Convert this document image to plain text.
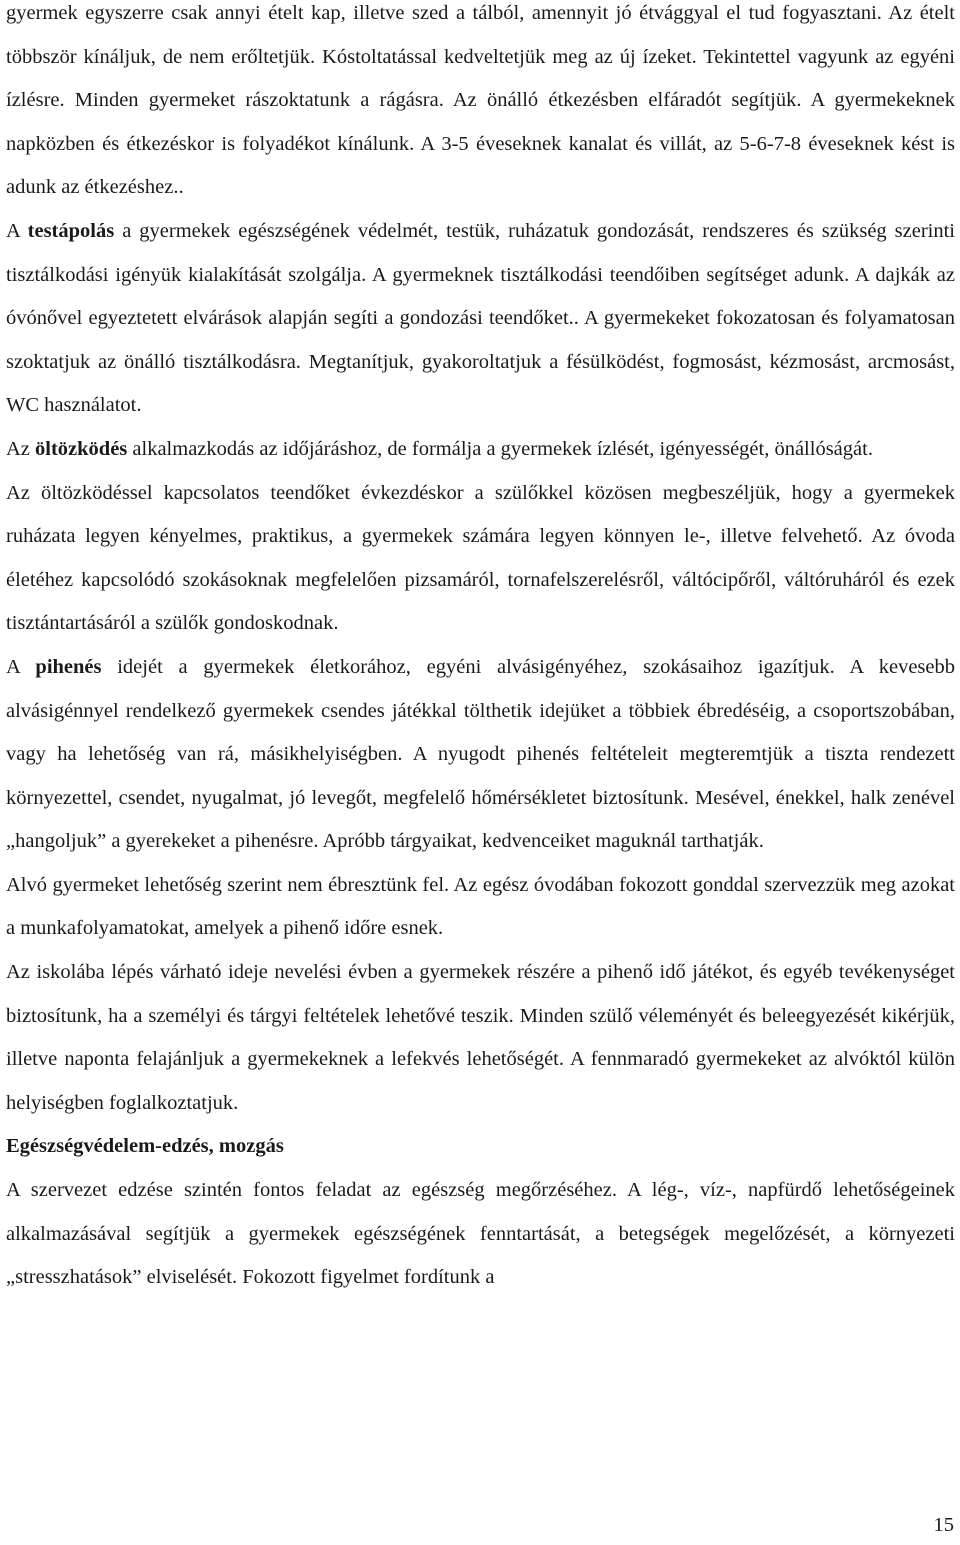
gyermek egyszerre csak annyi ételt kap, illetve szed a tálból, amennyit jó étvággyal el tud fogyasztani. Az ételt többször kínáljuk, de nem erőltetjük. Kóstoltatással kedveltetjük meg az új ízeket. Tekintettel vagyunk az egyéni ízlésre. Minden gyermeket rászoktatunk a rágásra. Az önálló étkezésben elfáradót segítjük. A gyermekeknek napközben és étkezéskor is folyadékot kínálunk. A 3-5 éveseknek kanalat és villát, az 5-6-7-8 éveseknek kést is adunk az étkezéshez..

A testápolás a gyermekek egészségének védelmét, testük, ruházatuk gondozását, rendszeres és szükség szerinti tisztálkodási igényük kialakítását szolgálja. A gyermeknek tisztálkodási teendőiben segítséget adunk. A dajkák az óvónővel egyeztetett elvárások alapján segíti a gondozási teendőket.. A gyermekeket fokozatosan és folyamatosan szoktatjuk az önálló tisztálkodásra. Megtanítjuk, gyakoroltatjuk a fésülködést, fogmosást, kézmosást, arcmosást, WC használatot.

Az öltözködés alkalmazkodás az időjáráshoz, de formálja a gyermekek ízlését, igényességét, önállóságát.

Az öltözködéssel kapcsolatos teendőket évkezdéskor a szülőkkel közösen megbeszéljük, hogy a gyermekek ruházata legyen kényelmes, praktikus, a gyermekek számára legyen könnyen le-, illetve felvehető. Az óvoda életéhez kapcsolódó szokásoknak megfelelően pizsamáról, tornafelszerelésről, váltócipőről, váltóruháról és ezek tisztántartásáról a szülők gondoskodnak.

A pihenés idejét a gyermekek életkorához, egyéni alvásigényéhez, szokásaihoz igazítjuk. A kevesebb alvásigénnyel rendelkező gyermekek csendes játékkal tölthetik idejüket a többiek ébredéséig, a csoportszobában, vagy ha lehetőség van rá, másikhelyiségben. A nyugodt pihenés feltételeit megteremtjük a tiszta rendezett környezettel, csendet, nyugalmat, jó levegőt, megfelelő hőmérsékletet biztosítunk. Mesével, énekkel, halk zenével „hangoljuk” a gyerekeket a pihenésre. Apróbb tárgyaikat, kedvenceiket maguknál tarthatják.

Alvó gyermeket lehetőség szerint nem ébresztünk fel. Az egész óvodában fokozott gonddal szervezzük meg azokat a munkafolyamatokat, amelyek a pihenő időre esnek.

Az iskolába lépés várható ideje nevelési évben a gyermekek részére a pihenő idő játékot, és egyéb tevékenységet biztosítunk, ha a személyi és tárgyi feltételek lehetővé teszik. Minden szülő véleményét és beleegyezését kikérjük, illetve naponta felajánljuk a gyermekeknek a lefekvés lehetőségét. A fennmaradó gyermekeket az alvóktól külön helyiségben foglalkoztatjuk.

Egészségvédelem-edzés, mozgás

A szervezet edzése szintén fontos feladat az egészség megőrzéséhez. A lég-, víz-, napfürdő lehetőségeinek alkalmazásával segítjük a gyermekek egészségének fenntartását, a betegségek megelőzését, a környezeti „stresszhatások” elviselését. Fokozott figyelmet fordítunk a

15
